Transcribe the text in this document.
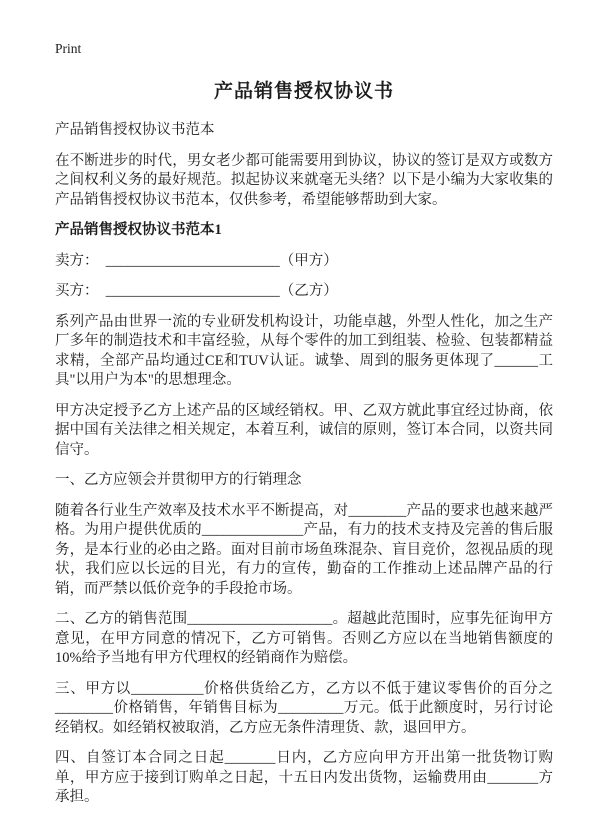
Print
产品销售授权协议书

产品销售授权协议书范本

在不断进步的时代，男女老少都可能需要用到协议，协议的签订是双方或数方之间权利义务的最好规范。拟起协议来就毫无头绪？以下是小编为大家收集的产品销售授权协议书范本，仅供参考，希望能够帮助到大家。

产品销售授权协议书范本1

卖方：　________________________（甲方）

买方：　________________________（乙方）

系列产品由世界一流的专业研发机构设计，功能卓越，外型人性化，加之生产厂多年的制造技术和丰富经验，从每个零件的加工到组装、检验、包装都精益求精，全部产品均通过CE和TUV认证。诚挚、周到的服务更体现了______工具"以用户为本"的思想理念。

甲方决定授予乙方上述产品的区域经销权。甲、乙双方就此事宜经过协商，依据中国有关法律之相关规定，本着互利，诚信的原则，签订本合同，以资共同信守。

一、乙方应领会并贯彻甲方的行销理念

随着各行业生产效率及技术水平不断提高，对________产品的要求也越来越严格。为用户提供优质的______________产品，有力的技术支持及完善的售后服务，是本行业的必由之路。面对目前市场鱼珠混杂、盲目竞价，忽视品质的现状，我们应以长远的目光，有力的宣传，勤奋的工作推动上述品牌产品的行销，而严禁以低价竞争的手段抢市场。

二、乙方的销售范围____________________。超越此范围时，应事先征询甲方意见，在甲方同意的情况下，乙方可销售。否则乙方应以在当地销售额度的10%给予当地有甲方代理权的经销商作为赔偿。

三、甲方以__________价格供货给乙方，乙方以不低于建议零售价的百分之________价格销售，年销售目标为_________万元。低于此额度时，另行讨论经销权。如经销权被取消，乙方应无条件清理货、款，退回甲方。

四、自签订本合同之日起_______日内，乙方应向甲方开出第一批货物订购单，甲方应于接到订购单之日起，十五日内发出货物，运输费用由_______方承担。
